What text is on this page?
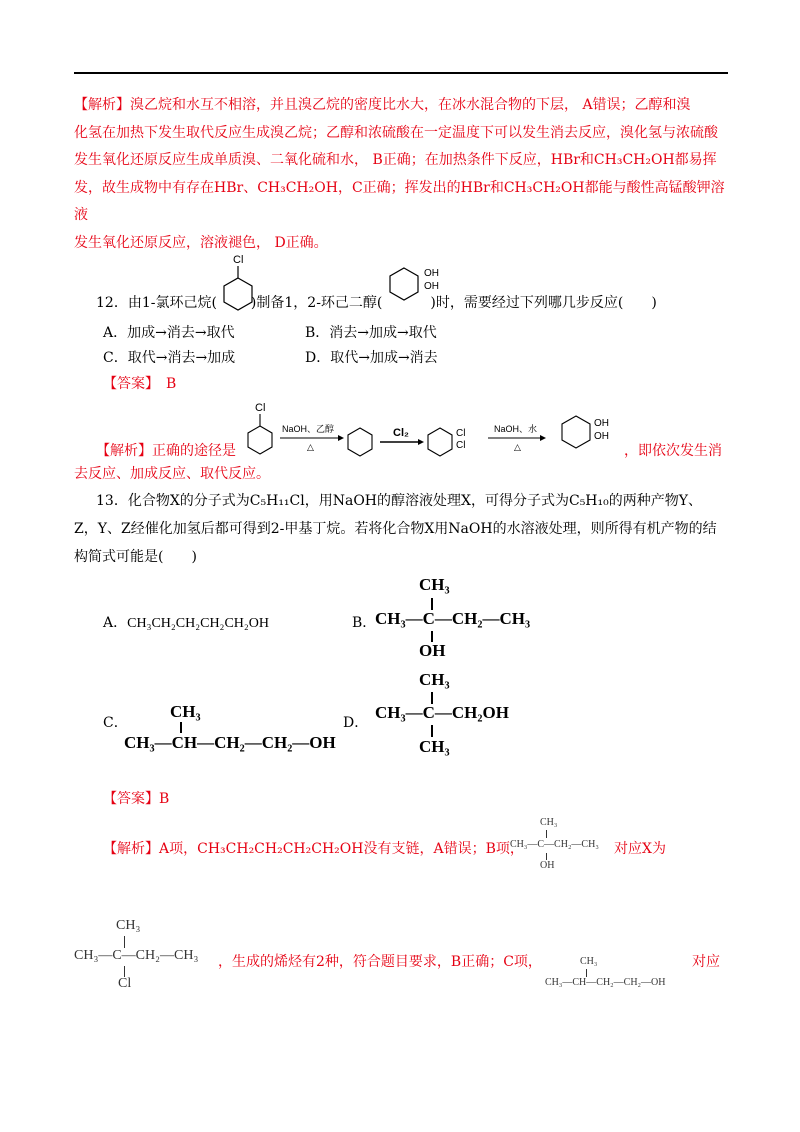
【解析】溴乙烷和水互不相溶，并且溴乙烷的密度比水大，在冰水混合物的下层， A错误；乙醇和溴
化氢在加热下发生取代反应生成溴乙烷；乙醇和浓硫酸在一定温度下可以发生消去反应，溴化氢与浓硫酸
发生氧化还原反应生成单质溴、二氧化硫和水， B正确；在加热条件下反应，HBr和CH₃CH₂OH都易挥
发，故生成物中有存在HBr、CH₃CH₂OH，C正确；挥发出的HBr和CH₃CH₂OH都能与酸性高锰酸钾溶液
发生氧化还原反应，溶液褪色， D正确。
12．由1-氯环己烷( )制备1，2-环己二醇(	)时，需要经过下列哪几步反应(　　)
Cl
OH
OH
A．加成→消去→取代	B．消去→加成→取代
C．取代→消去→加成	D．取代→加成→消去
【答案】　B
【解析】正确的途径是
Cl
NaOH、乙醇
△
Cl₂	Cl
Cl
NaOH、水
△
OH
OH
，即依次发生消
去反应、加成反应、取代反应。
13．化合物X的分子式为C₅H₁₁Cl，用NaOH的醇溶液处理X，可得分子式为C₅H₁₀的两种产物Y、
Z，Y、Z经催化加氢后都可得到2-甲基丁烷。若将化合物X用NaOH的水溶液处理，则所得有机产物的结
构简式可能是(　　)
A．CH₃CH₂CH₂CH₂CH₂OH	B．
CH₃
CH₃—C—CH₂—CH₃
OH
C．
CH₃
CH₃—CH—CH₂—CH₂—OH
D．
CH₃
CH₃—C—CH₂OH
CH₃
【答案】B
【解析】A项，CH₃CH₂CH₂CH₂CH₂OH没有支链，A错误；B项，
CH₃
CH₃—C—CH₂—CH₃
OH
对应X为
CH₃
CH₃—C—CH₂—CH₃
Cl
，生成的烯烃有2种，符合题目要求，B正确；C项，	对应
CH₃
CH₃—CH—CH₂—CH₂—OH
